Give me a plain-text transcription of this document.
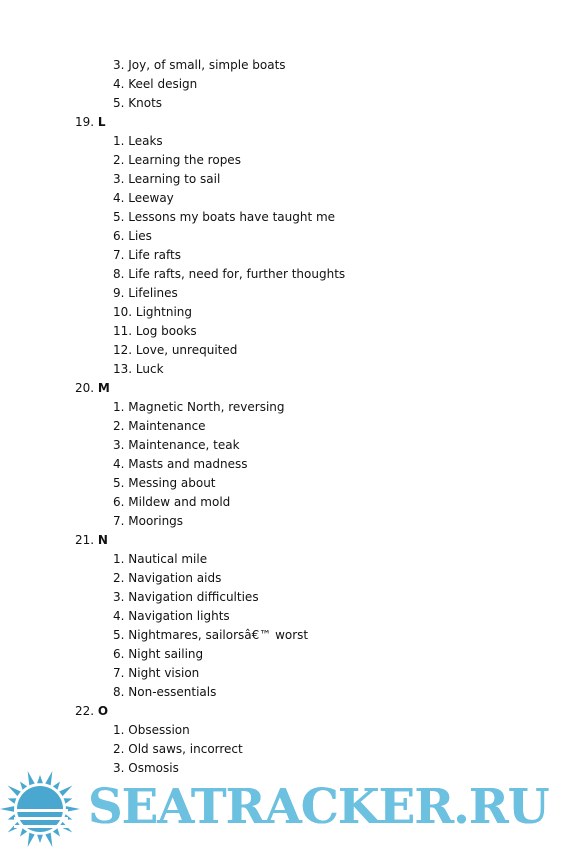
3. Joy, of small, simple boats
4. Keel design
5. Knots
19. L
1. Leaks
2. Learning the ropes
3. Learning to sail
4. Leeway
5. Lessons my boats have taught me
6. Lies
7. Life rafts
8. Life rafts, need for, further thoughts
9. Lifelines
10. Lightning
11. Log books
12. Love, unrequited
13. Luck
20. M
1. Magnetic North, reversing
2. Maintenance
3. Maintenance, teak
4. Masts and madness
5. Messing about
6. Mildew and mold
7. Moorings
21. N
1. Nautical mile
2. Navigation aids
3. Navigation difficulties
4. Navigation lights
5. Nightmares, sailorsâ€™ worst
6. Night sailing
7. Night vision
8. Non-essentials
22. O
1. Obsession
2. Old saws, incorrect
3. Osmosis
SEATRACKER.RU
